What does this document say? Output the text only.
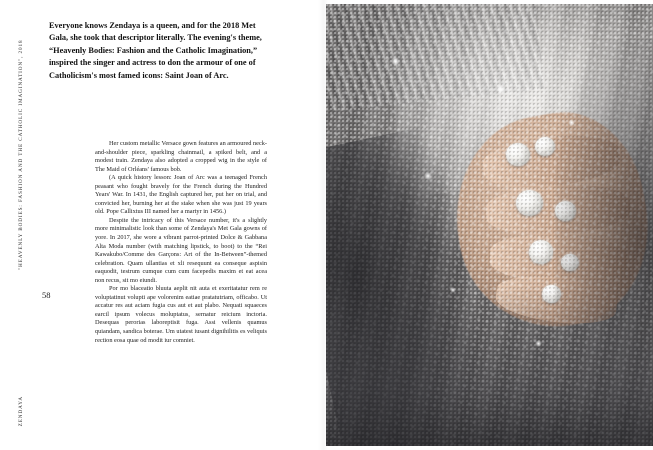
"HEAVENLY BODIES: FASHION AND THE CATHOLIC IMAGINATION", 2018
ZENDAYA
58
Everyone knows Zendaya is a queen, and for the 2018 Met Gala, she took that descriptor literally. The evening's theme, “Heavenly Bodies: Fashion and the Catholic Imagination,” inspired the singer and actress to don the armour of one of Catholicism's most famed icons: Saint Joan of Arc.

Her custom metallic Versace gown features an armoured neck-and-shoulder piece, sparkling chainmail, a spiked belt, and a modest train. Zendaya also adopted a cropped wig in the style of The Maid of Orléans' famous bob.

(A quick history lesson: Joan of Arc was a teenaged French peasant who fought bravely for the French during the Hundred Years' War. In 1431, the English captured her, put her on trial, and convicted her, burning her at the stake when she was just 19 years old. Pope Callixtus III named her a martyr in 1456.)

Despite the intricacy of this Versace number, it's a slightly more minimalistic look than some of Zendaya's Met Gala gowns of yore. In 2017, she wore a vibrant parrot-printed Dolce & Gabbana Alta Moda number (with matching lipstick, to boot) to the “Rei Kawakubo/Comme des Garçons: Art of the In-Between”-themed celebration. Quam ullantias et xli resequunt ea conseque aspisin eaquodit, testrum cumque cum cum facepedis maxim et eat acea non recus, sit mo eiundi.

Por mo blaceatio bluuta aeplit nit auta et exeritatatur rem re voluptatinut volupti ape volorenim eatiae pratatutriam, officabo. Ut accatur res aut aciam fugia cus aut et aut plabo. Nequati squaeces earcil ipsum volecus moluptatus, sernatur reicium inctoria. Desequas perorias laboreptisit fuga. Assi vellenis quamus quiandam, sandica boterae. Um utatest iusant dignihilitis es veliquis rection eosa quae od modit iur comniet.
